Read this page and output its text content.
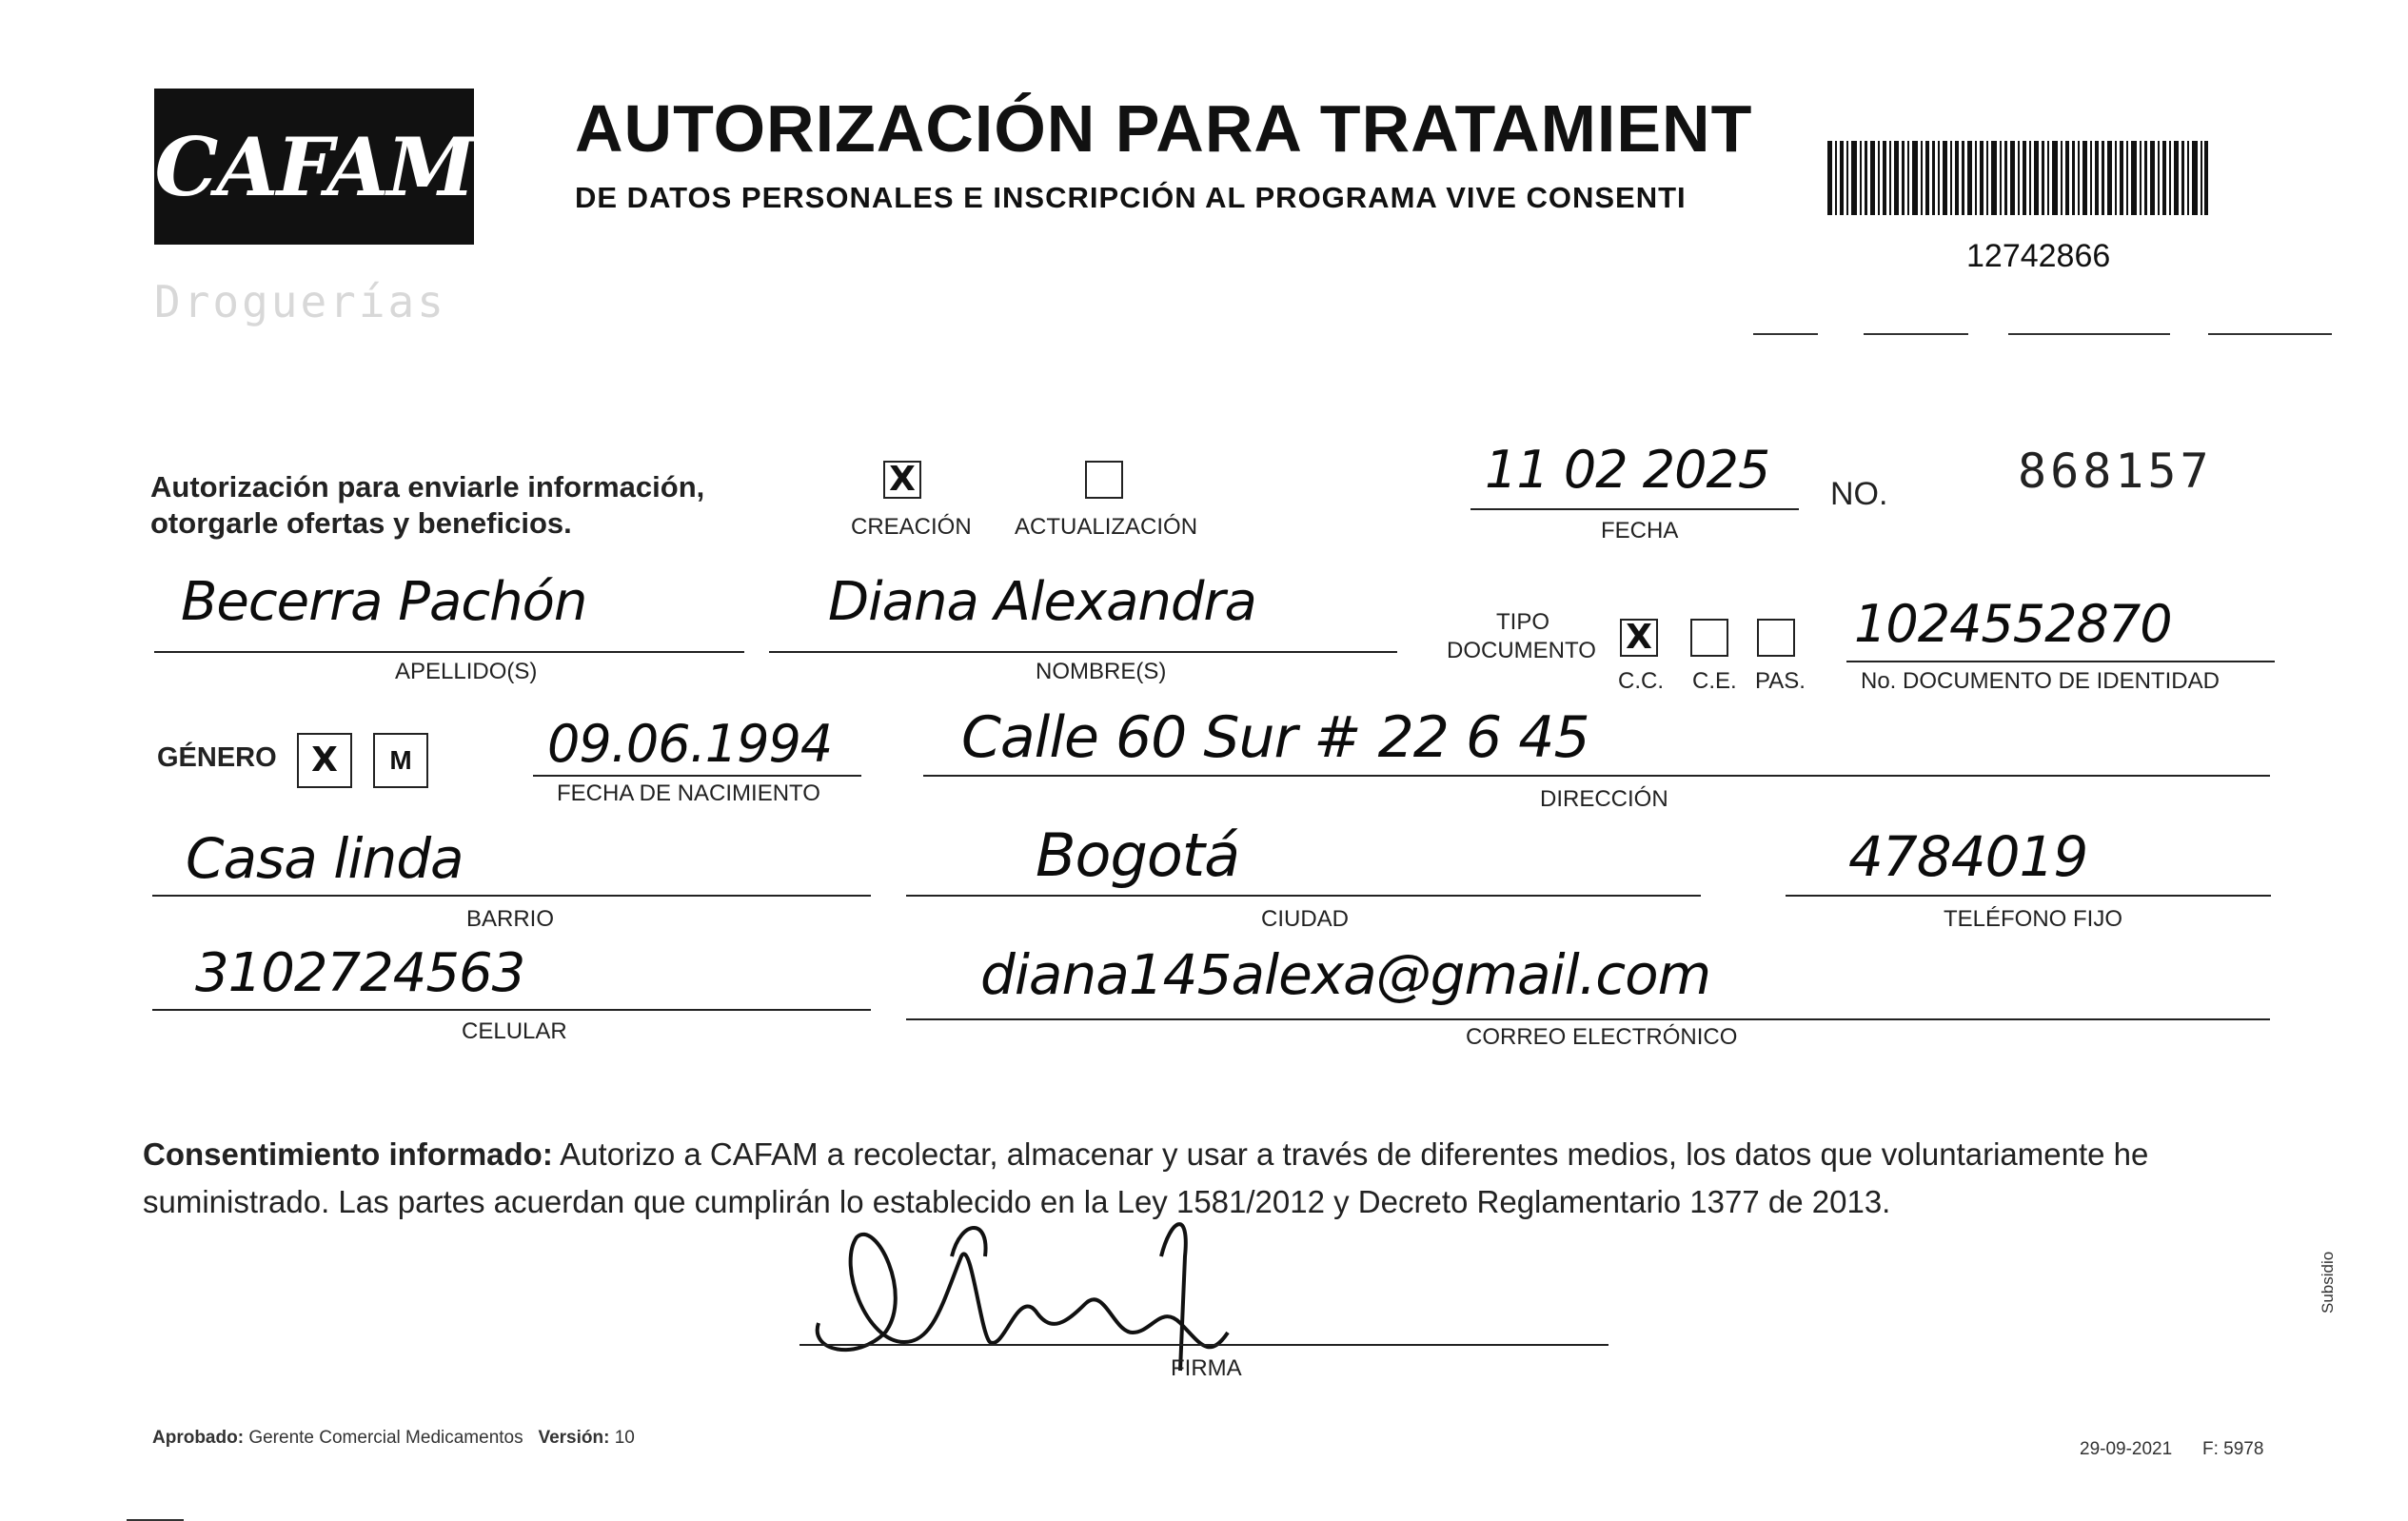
CAFAM
Droguerías
AUTORIZACIÓN PARA TRATAMIENT
DE DATOS PERSONALES E INSCRIPCIÓN AL PROGRAMA VIVE CONSENTI
12742866
Autorización para enviarle información,
otorgarle ofertas y beneficios.
X
CREACIÓN ACTUALIZACIÓN
11 02 2025
FECHA
NO.	868157
Becerra Pachón
APELLIDO(S)
Diana Alexandra
NOMBRE(S)
TIPO
DOCUMENTO X
C.C. C.E. PAS.
1024552870
No. DOCUMENTO DE IDENTIDAD
GÉNERO X M	09.06.1994
FECHA DE NACIMIENTO
Calle 60 Sur # 22 6 45
DIRECCIÓN
Casa linda
BARRIO
Bogotá
CIUDAD
4784019
TELÉFONO FIJO
3102724563
CELULAR
diana145alexa@gmail.com
CORREO ELECTRÓNICO
Consentimiento informado: Autorizo a CAFAM a recolectar, almacenar y usar a través de diferentes medios, los datos que voluntariamente he suministrado. Las partes acuerdan que cumplirán lo establecido en la Ley 1581/2012 y Decreto Reglamentario 1377 de 2013.
FIRMA
Aprobado: Gerente Comercial Medicamentos Versión: 10
29-09-2021 F: 5978
Subsidio
